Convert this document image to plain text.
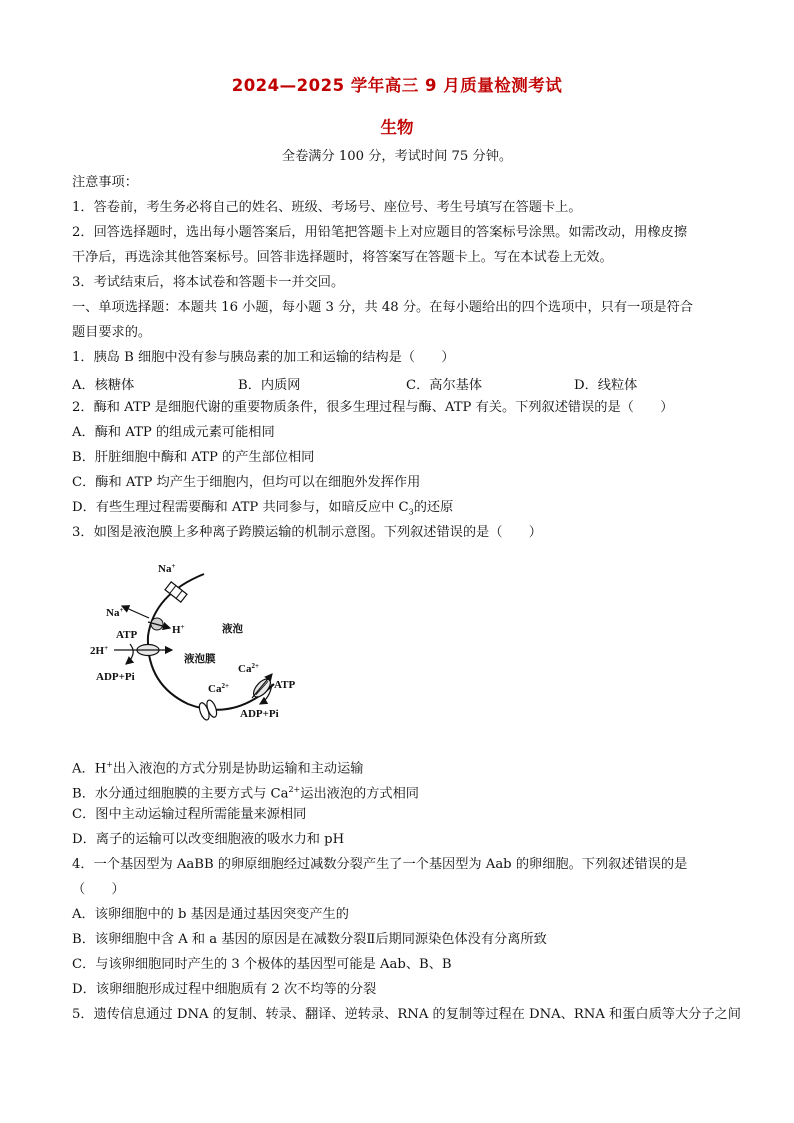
2024—2025 学年高三 9 月质量检测考试
生物
全卷满分 100 分，考试时间 75 分钟。
注意事项：
1．答卷前，考生务必将自己的姓名、班级、考场号、座位号、考生号填写在答题卡上。
2．回答选择题时，选出每小题答案后，用铅笔把答题卡上对应题目的答案标号涂黑。如需改动，用橡皮擦
干净后，再选涂其他答案标号。回答非选择题时，将答案写在答题卡上。写在本试卷上无效。
3．考试结束后，将本试卷和答题卡一并交回。
一、单项选择题：本题共 16 小题，每小题 3 分，共 48 分。在每小题给出的四个选项中，只有一项是符合
题目要求的。
1．胰岛 B 细胞中没有参与胰岛素的加工和运输的结构是（　　）
A．核糖体	B．内质网	C．高尔基体	D．线粒体
2．酶和 ATP 是细胞代谢的重要物质条件，很多生理过程与酶、ATP 有关。下列叙述错误的是（　　）
A．酶和 ATP 的组成元素可能相同
B．肝脏细胞中酶和 ATP 的产生部位相同
C．酶和 ATP 均产生于细胞内，但均可以在细胞外发挥作用
D．有些生理过程需要酶和 ATP 共同参与，如暗反应中 $C_3$的还原
3．如图是液泡膜上多种离子跨膜运输的机制示意图。下列叙述错误的是（　　）
Na+
Na+
H+
ATP
2H+
ADP+Pi
液泡
液泡膜
$Ca^{2+}$
ATP
$Ca^{2+}$
ADP+Pi
A．H+出入液泡的方式分别是协助运输和主动运输
B．水分通过细胞膜的主要方式与 $Ca^{2+}$运出液泡的方式相同
C．图中主动运输过程所需能量来源相同
D．离子的运输可以改变细胞液的吸水力和 pH
4．一个基因型为 AaBB 的卵原细胞经过减数分裂产生了一个基因型为 Aab 的卵细胞。下列叙述错误的是
（　　）
A．该卵细胞中的 b 基因是通过基因突变产生的
B．该卵细胞中含 A 和 a 基因的原因是在减数分裂Ⅱ后期同源染色体没有分离所致
C．与该卵细胞同时产生的 3 个极体的基因型可能是 Aab、B、B
D．该卵细胞形成过程中细胞质有 2 次不均等的分裂
5．遗传信息通过 DNA 的复制、转录、翻译、逆转录、RNA 的复制等过程在 DNA、RNA 和蛋白质等大分子之间
